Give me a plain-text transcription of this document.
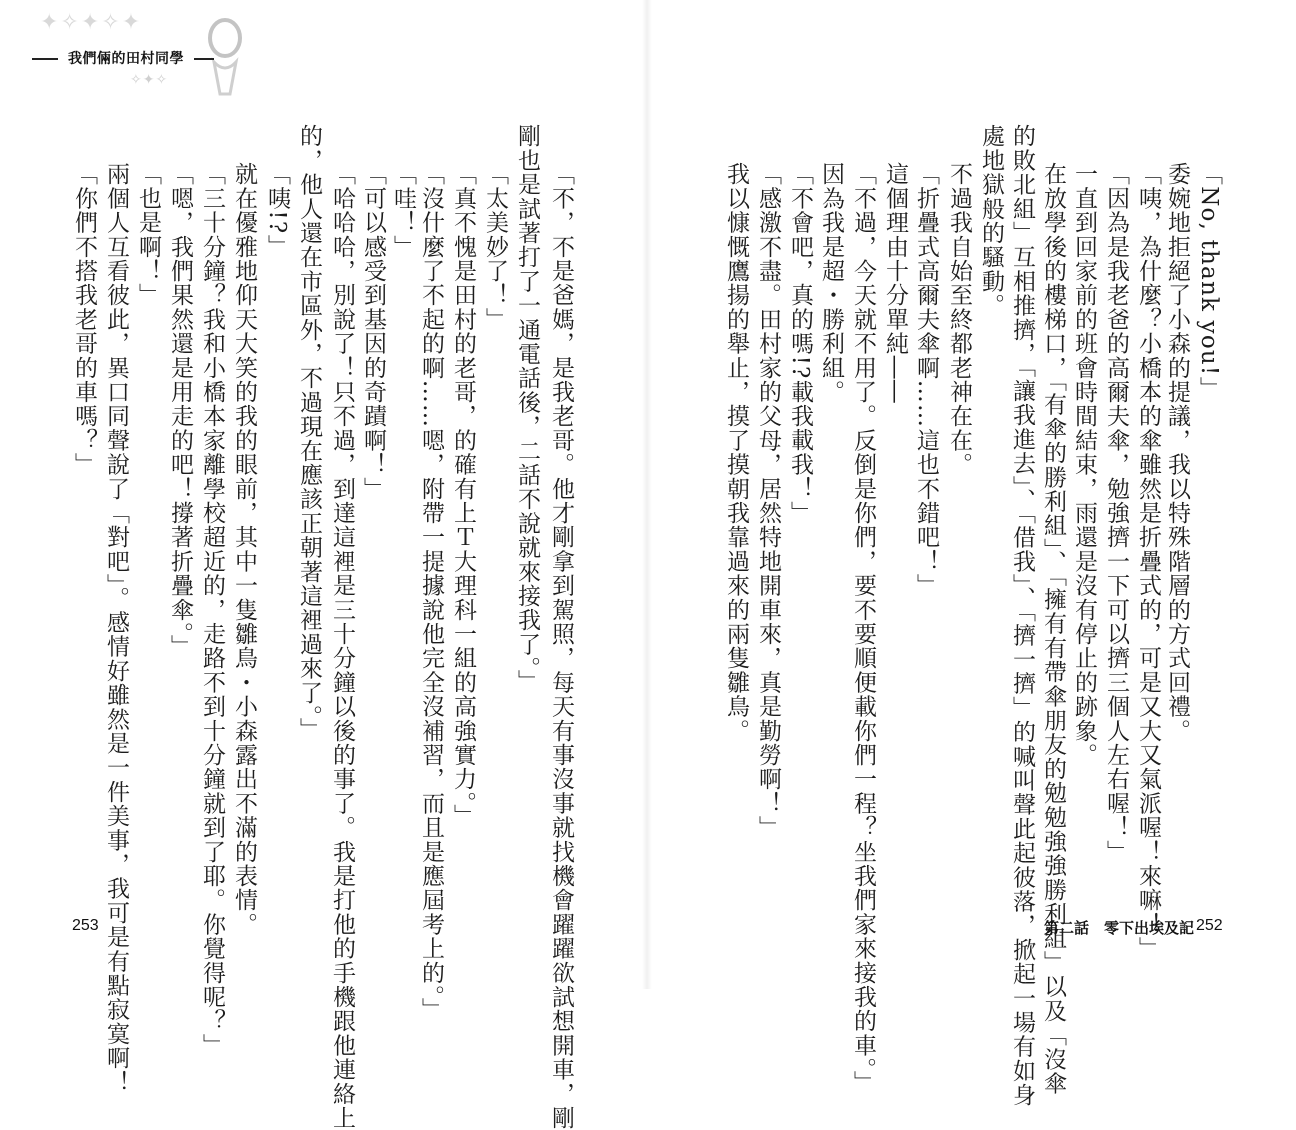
✦✧✦✧✦
✧✦✧
我們倆的田村同學
「不，不是爸媽，是我老哥。他才剛拿到駕照，每天有事沒事就找機會躍躍欲試想開車，剛
剛也是試著打了一通電話後，二話不說就來接我了。」
「太美妙了！」
「真不愧是田村的老哥，的確有上Ｔ大理科一組的高強實力。」
「沒什麼了不起的啊……嗯，附帶一提據說他完全沒補習，而且是應屆考上的。」
「哇！」
「可以感受到基因的奇蹟啊！」
「哈哈哈，別說了！只不過，到達這裡是三十分鐘以後的事了。我是打他的手機跟他連絡上
的，他人還在市區外，不過現在應該正朝著這裡過來了。」
「咦!?」
就在優雅地仰天大笑的我的眼前，其中一隻雛鳥・小森露出不滿的表情。
「三十分鐘？我和小橋本家離學校超近的，走路不到十分鐘就到了耶。你覺得呢？」
「嗯，我們果然還是用走的吧！撐著折疊傘。」
「也是啊！」
兩個人互看彼此，異口同聲說了「對吧」。感情好雖然是一件美事，我可是有點寂寞啊！
「你們不搭我老哥的車嗎？」
253
「No, thank you!」
委婉地拒絕了小森的提議，我以特殊階層的方式回禮。
「咦，為什麼？小橋本的傘雖然是折疊式的，可是又大又氣派喔！來嘛！」
「因為是我老爸的高爾夫傘，勉強擠一下可以擠三個人左右喔！」
一直到回家前的班會時間結束，雨還是沒有停止的跡象。
在放學後的樓梯口，「有傘的勝利組」、「擁有有帶傘朋友的勉勉強強勝利組」以及「沒傘
的敗北組」互相推擠，「讓我進去」、「借我」、「擠一擠」的喊叫聲此起彼落，掀起一場有如身
處地獄般的騷動。
不過我自始至終都老神在在。
「折疊式高爾夫傘啊……這也不錯吧！」
這個理由十分單純――
「不過，今天就不用了。反倒是你們，要不要順便載你們一程？坐我們家來接我的車。」
因為我是超・勝利組。
「不會吧，真的嗎!?載我載我！」
「感激不盡。田村家的父母，居然特地開車來，真是勤勞啊！」
我以慷慨鷹揚的舉止，摸了摸朝我靠過來的兩隻雛鳥。
第二話　零下出埃及記 252
